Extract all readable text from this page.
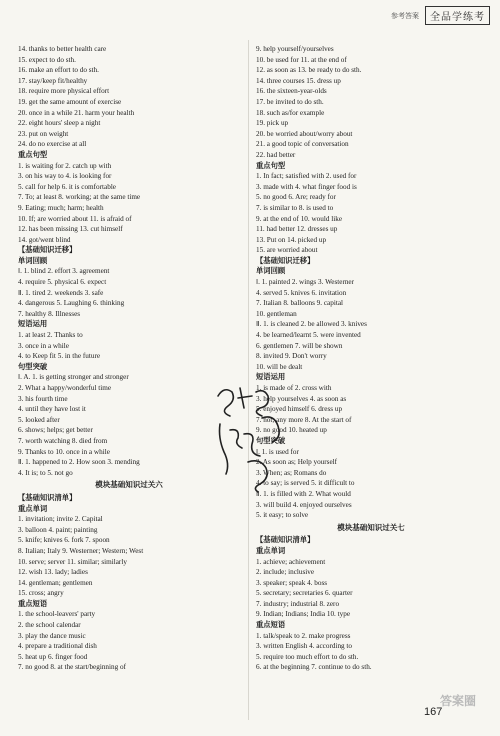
参考答案	全品学练考
14. thanks to better health care
15. expect to do sth.
16. make an effort to do sth.
17. stay/keep fit/healthy
18. require more physical effort
19. get the same amount of exercise
20. once in a while 21. harm your health
22. eight hours' sleep a night
23. put on weight
24. do no exercise at all
重点句型
1. is waiting for 2. catch up with
3. on his way to 4. is looking for
5. call for help 6. it is comfortable
7. To; at least 8. working; at the same time
9. Eating; much; harm; health
10. If; are worried about 11. is afraid of
12. has been missing 13. cut himself
14. got/went blind
【基础知识迁移】
单词回顾
Ⅰ. 1. blind 2. effort 3. agreement
4. require 5. physical 6. expect
Ⅱ. 1. tired 2. weekends 3. safe
4. dangerous 5. Laughing 6. thinking
7. healthy 8. Illnesses
短语运用
1. at least 2. Thanks to
3. once in a while
4. to Keep fit 5. in the future
句型突破
Ⅰ. A. 1. is getting stronger and stronger
2. What a happy/wonderful time
3. his fourth time
4. until they have lost it
5. looked after
6. shows; helps; get better
7. worth watching 8. died from
9. Thanks to 10. once in a while
Ⅱ. 1. happened to 2. How soon 3. mending
4. It is; to 5. not go
模块基础知识过关六
【基础知识清单】
重点单词
1. invitation; invite 2. Capital
3. balloon 4. paint; painting
5. knife; knives 6. fork 7. spoon
8. Italian; Italy 9. Westerner; Western; West
10. serve; server 11. similar; similarly
12. wish 13. lady; ladies
14. gentleman; gentlemen
15. cross; angry
重点短语
1. the school-leavers' party
2. the school calendar
3. play the dance music
4. prepare a traditional dish
5. heat up 6. finger food
7. no good 8. at the start/beginning of
9. help yourself/yourselves
10. be used for 11. at the end of
12. as soon as 13. be ready to do sth.
14. three courses 15. dress up
16. the sixteen-year-olds
17. be invited to do sth.
18. such as/for example
19. pick up
20. be worried about/worry about
21. a good topic of conversation
22. had better
重点句型
1. In fact; satisfied with 2. used for
3. made with 4. what finger food is
5. no good 6. Are; ready for
7. is similar to 8. is used to
9. at the end of 10. would like
11. had better 12. dresses up
13. Put on 14. picked up
15. are worried about
【基础知识迁移】
单词回顾
Ⅰ. 1. painted 2. wings 3. Westerner
4. served 5. knives 6. invitation
7. Italian 8. balloons 9. capital
10. gentleman
Ⅱ. 1. is cleaned 2. be allowed 3. knives
4. be learned/learnt 5. were invented
6. gentlemen 7. will be shown
8. invited 9. Don't worry
10. will be dealt
短语运用
1. is made of 2. cross with
3. help yourselves 4. as soon as
5. enjoyed himself 6. dress up
7. not; any more 8. At the start of
9. no good 10. heated up
句型突破
Ⅰ. 1. is used for
2. As soon as; Help yourself
3. When; as; Romans do
4. to say; is served 5. it difficult to
Ⅱ. 1. is filled with 2. What would
3. will build 4. enjoyed ourselves
5. it easy; to solve
模块基础知识过关七
【基础知识清单】
重点单词
1. achieve; achievement
2. include; inclusive
3. speaker; speak 4. boss
5. secretary; secretaries 6. quarter
7. industry; industrial 8. zero
9. Indian; Indians; India 10. type
重点短语
1. talk/speak to 2. make progress
3. written English 4. according to
5. require too much effort to do sth.
6. at the beginning 7. continue to do sth.
答案圈
167
